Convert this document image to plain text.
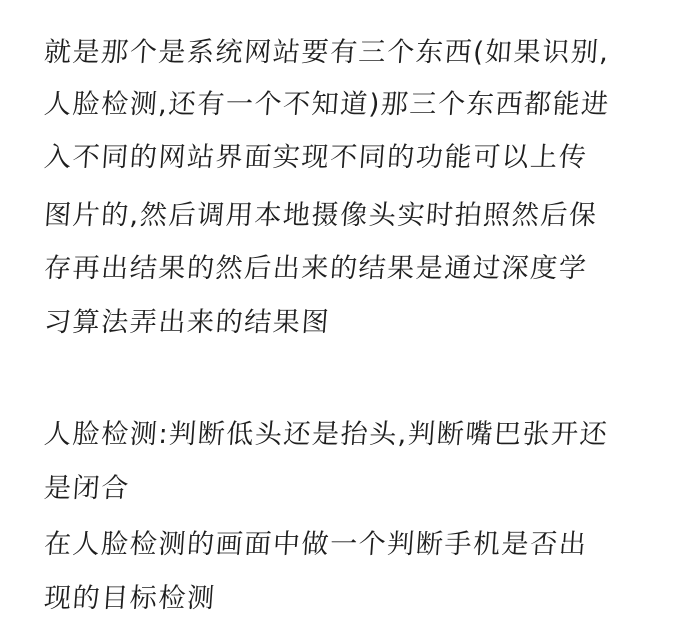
就是那个是系统网站要有三个东西(如果识别,
人脸检测,还有一个不知道)那三个东西都能进
入不同的网站界面实现不同的功能可以上传
图片的,然后调用本地摄像头实时拍照然后保
存再出结果的然后出来的结果是通过深度学
习算法弄出来的结果图
人脸检测:判断低头还是抬头,判断嘴巴张开还
是闭合
在人脸检测的画面中做一个判断手机是否出
现的目标检测
